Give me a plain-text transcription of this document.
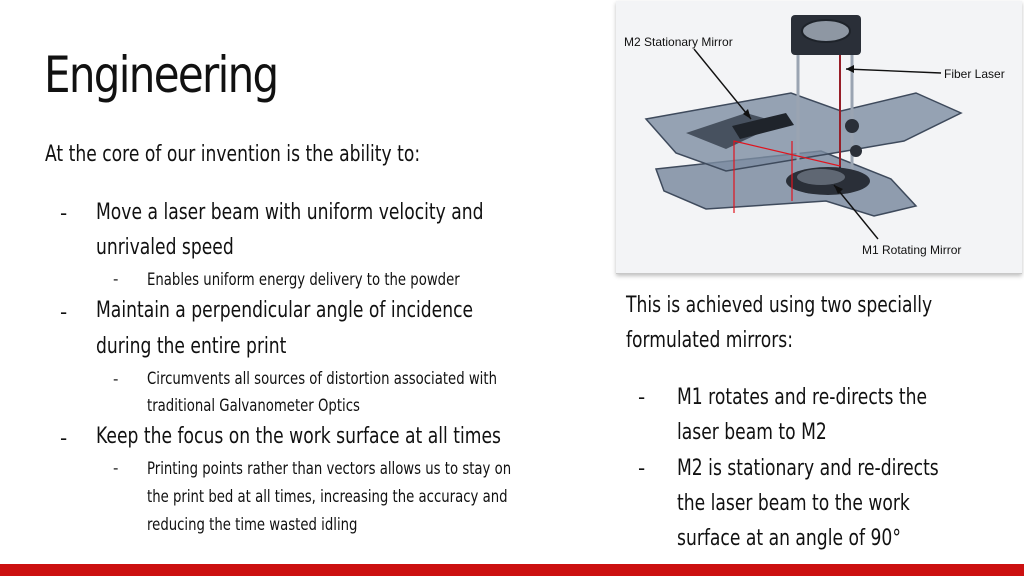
Engineering
At the core of our invention is the ability to:
- Move a laser beam with uniform velocity and
unrivaled speed
- Enables uniform energy delivery to the powder
- Maintain a perpendicular angle of incidence
during the entire print
- Circumvents all sources of distortion associated with
traditional Galvanometer Optics
- Keep the focus on the work surface at all times
- Printing points rather than vectors allows us to stay on
the print bed at all times, increasing the accuracy and
reducing the time wasted idling
M2 Stationary Mirror
Fiber Laser
M1 Rotating Mirror
This is achieved using two specially
formulated mirrors:
- M1 rotates and re-directs the
laser beam to M2
- M2 is stationary and re-directs
the laser beam to the work
surface at an angle of 90°
